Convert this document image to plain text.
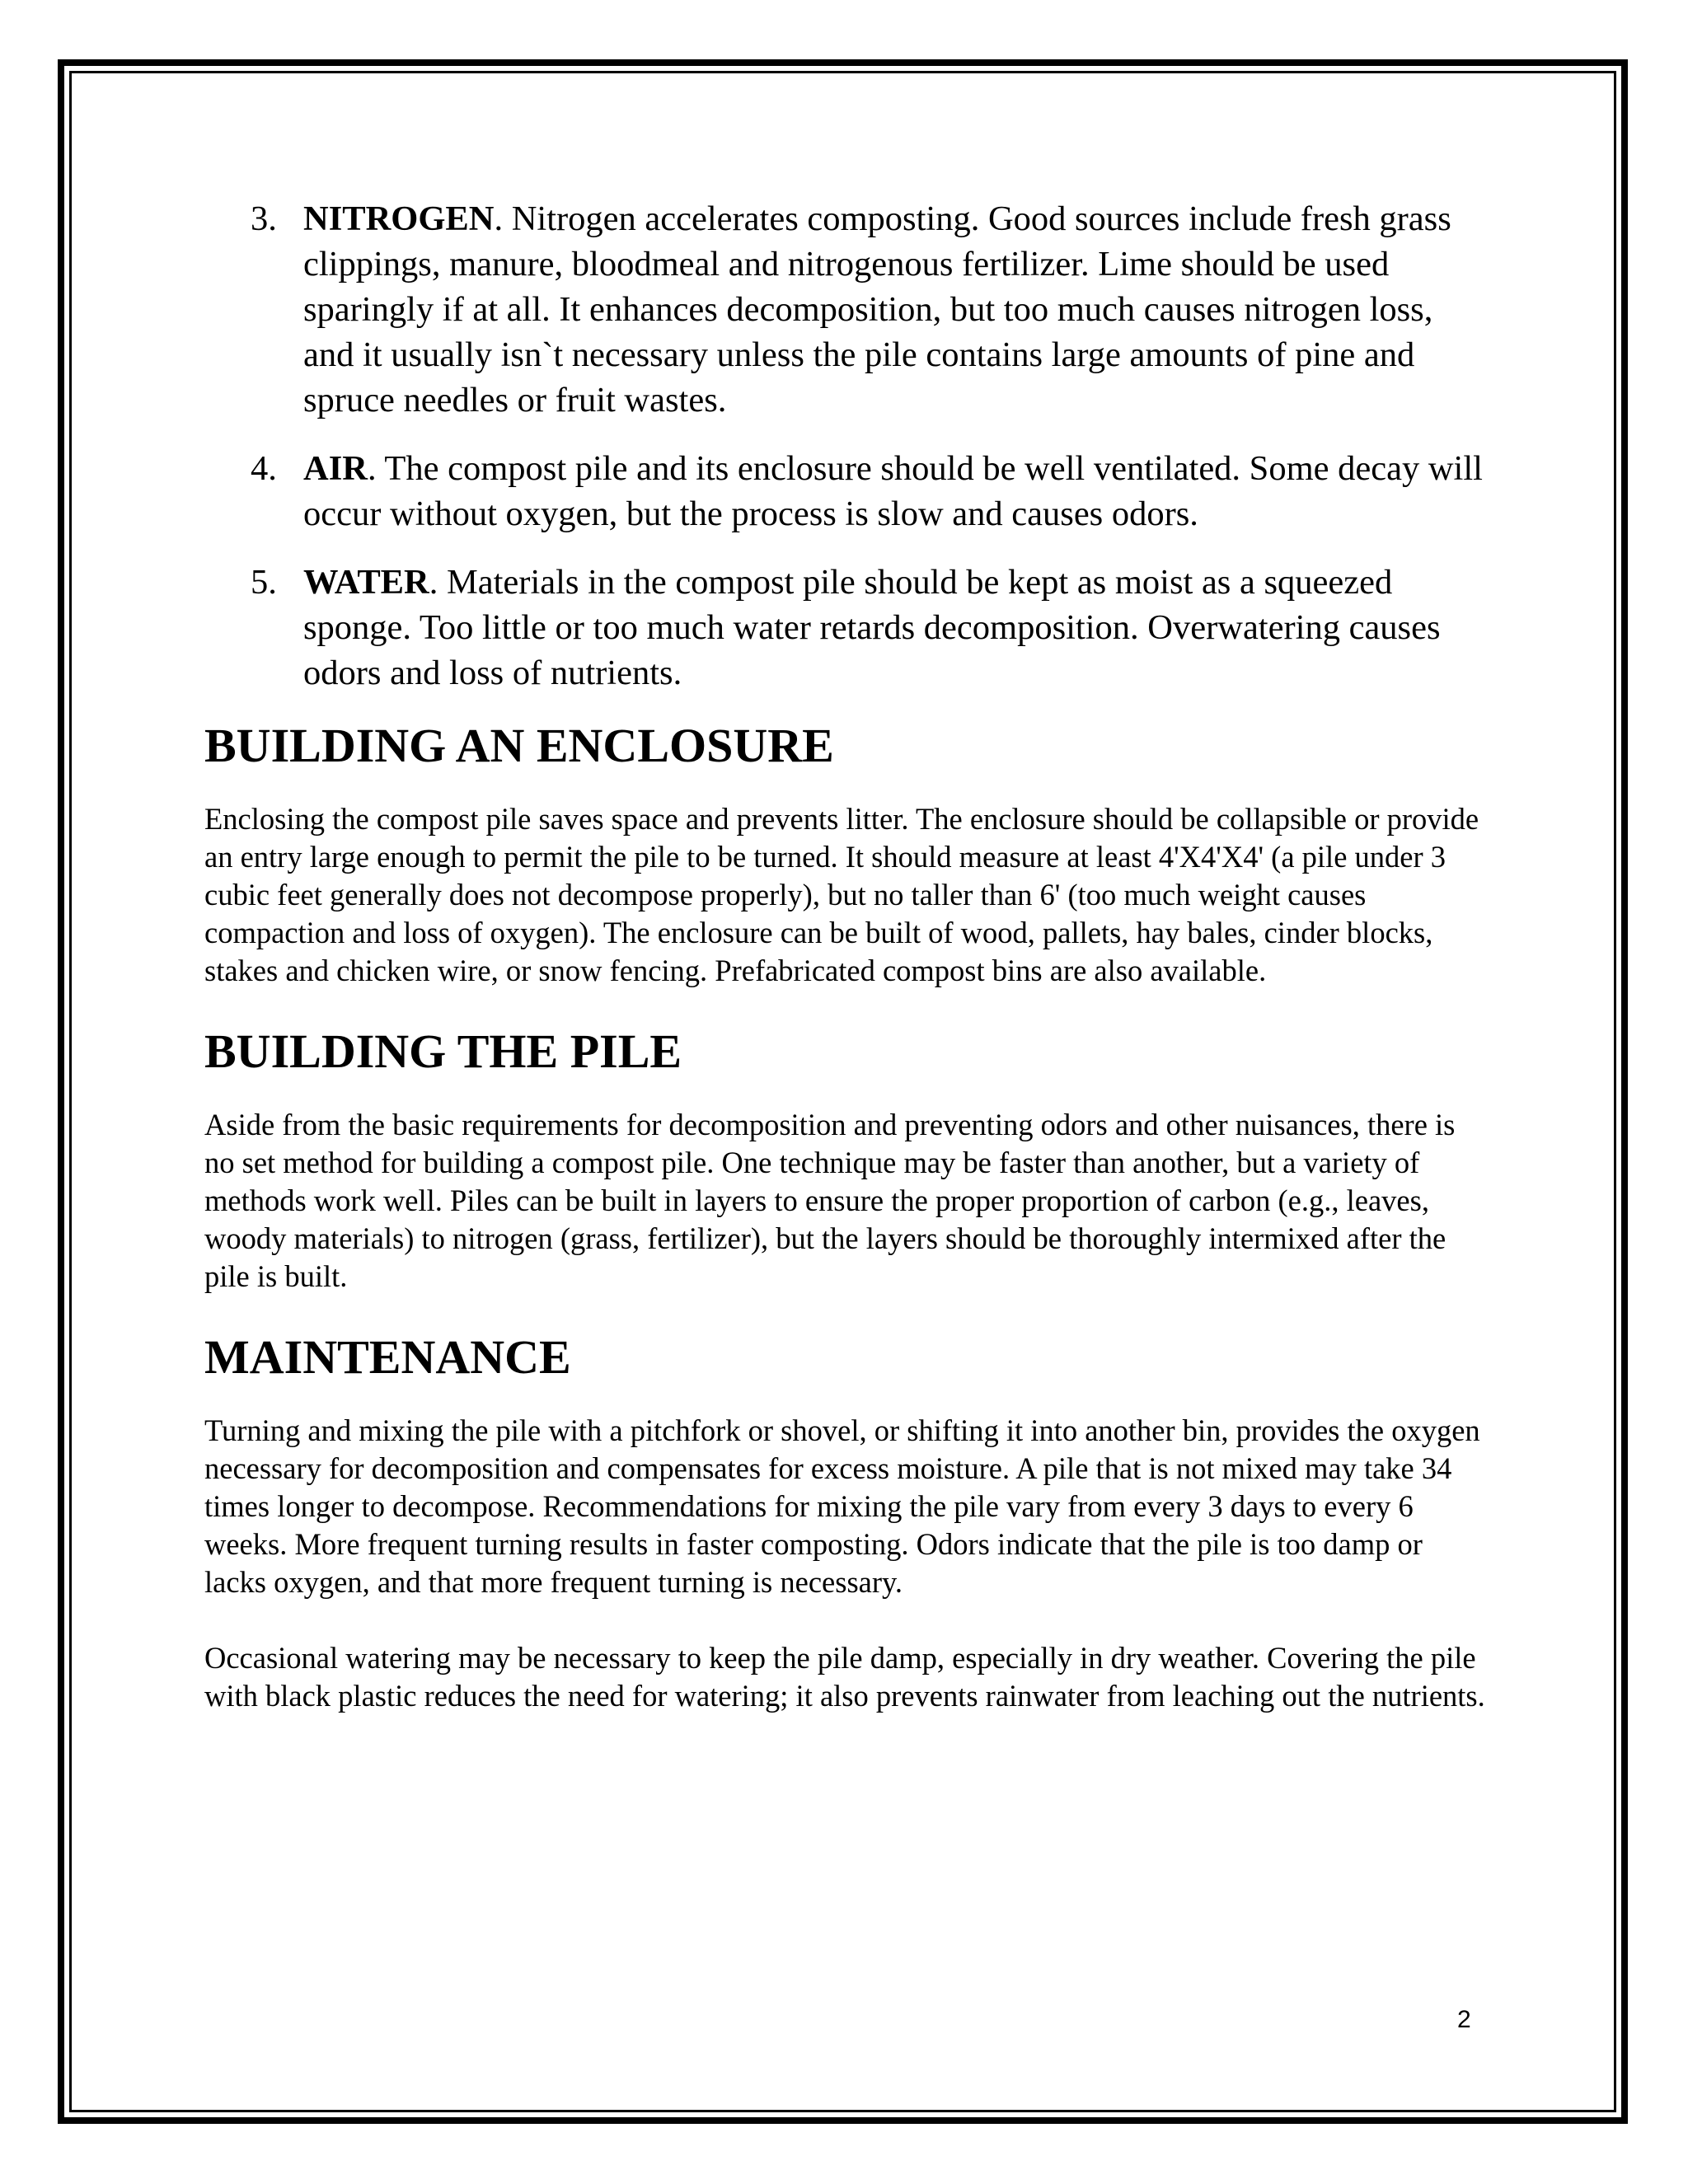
3. NITROGEN. Nitrogen accelerates composting. Good sources include fresh grass clippings, manure, bloodmeal and nitrogenous fertilizer. Lime should be used sparingly if at all. It enhances decomposition, but too much causes nitrogen loss, and it usually isn`t necessary unless the pile contains large amounts of pine and spruce needles or fruit wastes.
4. AIR. The compost pile and its enclosure should be well ventilated. Some decay will occur without oxygen, but the process is slow and causes odors.
5. WATER. Materials in the compost pile should be kept as moist as a squeezed sponge. Too little or too much water retards decomposition. Overwatering causes odors and loss of nutrients.
BUILDING AN ENCLOSURE

Enclosing the compost pile saves space and prevents litter. The enclosure should be collapsible or provide an entry large enough to permit the pile to be turned. It should measure at least 4'X4'X4' (a pile under 3 cubic feet generally does not decompose properly), but no taller than 6' (too much weight causes compaction and loss of oxygen). The enclosure can be built of wood, pallets, hay bales, cinder blocks, stakes and chicken wire, or snow fencing. Prefabricated compost bins are also available.

BUILDING THE PILE

Aside from the basic requirements for decomposition and preventing odors and other nuisances, there is no set method for building a compost pile. One technique may be faster than another, but a variety of methods work well. Piles can be built in layers to ensure the proper proportion of carbon (e.g., leaves, woody materials) to nitrogen (grass, fertilizer), but the layers should be thoroughly intermixed after the pile is built.

MAINTENANCE

Turning and mixing the pile with a pitchfork or shovel, or shifting it into another bin, provides the oxygen necessary for decomposition and compensates for excess moisture. A pile that is not mixed may take 34 times longer to decompose. Recommendations for mixing the pile vary from every 3 days to every 6 weeks. More frequent turning results in faster composting. Odors indicate that the pile is too damp or lacks oxygen, and that more frequent turning is necessary.

Occasional watering may be necessary to keep the pile damp, especially in dry weather. Covering the pile with black plastic reduces the need for watering; it also prevents rainwater from leaching out the nutrients.

2
